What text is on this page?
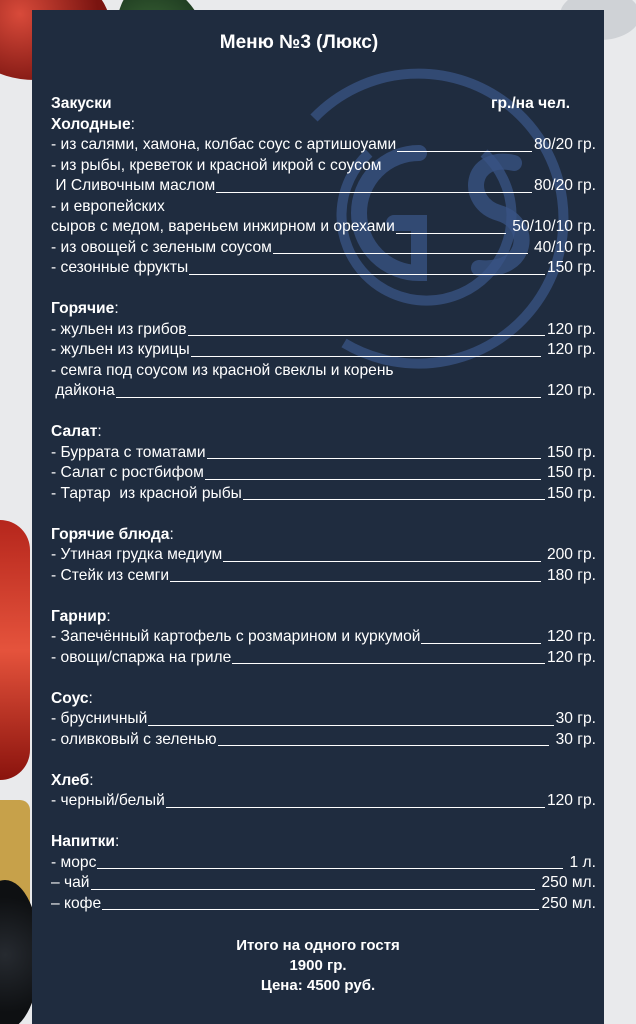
Меню №3 (Люкс)
Закуски	гр./на чел.
Холодные:
- из салями, хамона, колбас соус с артишоуами	80/20 гр.
- из рыбы, креветок и красной икрой с соусом
И Сливочным маслом	80/20 гр.
- и европейских
сыров с медом, вареньем инжирном и орехами	50/10/10 гр.
- из овощей с зеленым соусом	40/10 гр.
- сезонные фрукты	150 гр.
Горячие:
- жульен из грибов	120 гр.
- жульен из курицы	120 гр.
- семга под соусом из красной свеклы и корень
дайкона	120 гр.
Салат:
- Буррата с томатами	150 гр.
- Салат с ростбифом	150 гр.
- Тартар  из красной рыбы	150 гр.
Горячие блюда:
- Утиная грудка медиум	200 гр.
- Стейк из семги	180 гр.
Гарнир:
- Запечённый картофель с розмарином и куркумой	120 гр.
- овощи/спаржа на гриле	120 гр.
Соус:
- брусничный	30 гр.
- оливковый с зеленью	30 гр.
Хлеб:
- черный/белый	120 гр.
Напитки:
- морс	1 л.
– чай	250 мл.
– кофе	250 мл.
Итого на одного гостя
1900 гр.
Цена: 4500 руб.
